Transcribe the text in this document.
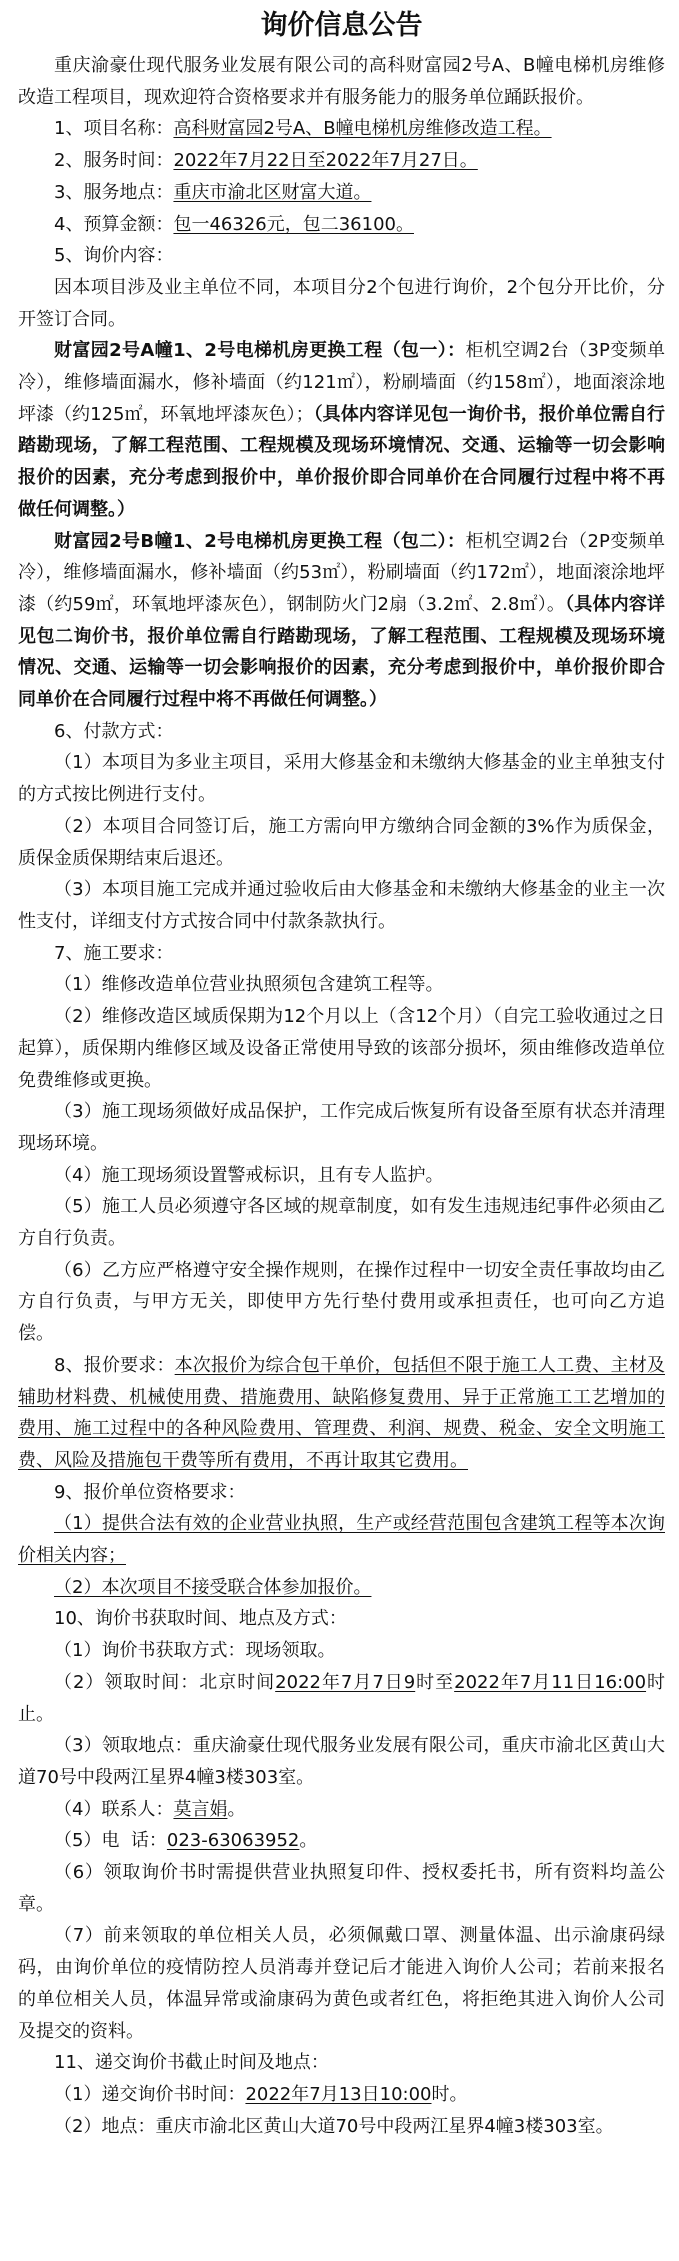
询价信息公告

重庆渝豪仕现代服务业发展有限公司的高科财富园2号A、B幢电梯机房维修改造工程项目，现欢迎符合资格要求并有服务能力的服务单位踊跃报价。

1、项目名称：高科财富园2号A、B幢电梯机房维修改造工程。

2、服务时间：2022年7月22日至2022年7月27日。

3、服务地点：重庆市渝北区财富大道。

4、预算金额：包一46326元，包二36100。

5、询价内容：

因本项目涉及业主单位不同，本项目分2个包进行询价，2个包分开比价，分开签订合同。

财富园2号A幢1、2号电梯机房更换工程（包一）：柜机空调2台（3P变频单冷），维修墙面漏水，修补墙面（约121㎡），粉刷墙面（约158㎡），地面滚涂地坪漆（约125㎡，环氧地坪漆灰色）；（具体内容详见包一询价书，报价单位需自行踏勘现场，了解工程范围、工程规模及现场环境情况、交通、运输等一切会影响报价的因素，充分考虑到报价中，单价报价即合同单价在合同履行过程中将不再做任何调整。）

财富园2号B幢1、2号电梯机房更换工程（包二）：柜机空调2台（2P变频单冷），维修墙面漏水，修补墙面（约53㎡），粉刷墙面（约172㎡），地面滚涂地坪漆（约59㎡，环氧地坪漆灰色），钢制防火门2扇（3.2㎡、2.8㎡）。（具体内容详见包二询价书，报价单位需自行踏勘现场，了解工程范围、工程规模及现场环境情况、交通、运输等一切会影响报价的因素，充分考虑到报价中，单价报价即合同单价在合同履行过程中将不再做任何调整。）

6、付款方式：

（1）本项目为多业主项目，采用大修基金和未缴纳大修基金的业主单独支付的方式按比例进行支付。

（2）本项目合同签订后，施工方需向甲方缴纳合同金额的3%作为质保金，质保金质保期结束后退还。

（3）本项目施工完成并通过验收后由大修基金和未缴纳大修基金的业主一次性支付，详细支付方式按合同中付款条款执行。

7、施工要求：

（1）维修改造单位营业执照须包含建筑工程等。

（2）维修改造区域质保期为12个月以上（含12个月）（自完工验收通过之日起算），质保期内维修区域及设备正常使用导致的该部分损坏，须由维修改造单位免费维修或更换。

（3）施工现场须做好成品保护，工作完成后恢复所有设备至原有状态并清理现场环境。

（4）施工现场须设置警戒标识，且有专人监护。

（5）施工人员必须遵守各区域的规章制度，如有发生违规违纪事件必须由乙方自行负责。

（6）乙方应严格遵守安全操作规则，在操作过程中一切安全责任事故均由乙方自行负责，与甲方无关，即使甲方先行垫付费用或承担责任，也可向乙方追偿。

8、报价要求：本次报价为综合包干单价，包括但不限于施工人工费、主材及辅助材料费、机械使用费、措施费用、缺陷修复费用、异于正常施工工艺增加的费用、施工过程中的各种风险费用、管理费、利润、规费、税金、安全文明施工费、风险及措施包干费等所有费用，不再计取其它费用。

9、报价单位资格要求：

（1）提供合法有效的企业营业执照，生产或经营范围包含建筑工程等本次询价相关内容；

（2）本次项目不接受联合体参加报价。

10、询价书获取时间、地点及方式：

（1）询价书获取方式：现场领取。

（2）领取时间：北京时间2022年7月7日9时至2022年7月11日16:00时止。

（3）领取地点：重庆渝豪仕现代服务业发展有限公司，重庆市渝北区黄山大道70号中段两江星界4幢3楼303室。

（4）联系人：莫言娟。

（5）电  话：023-63063952。

（6）领取询价书时需提供营业执照复印件、授权委托书，所有资料均盖公章。

（7）前来领取的单位相关人员，必须佩戴口罩、测量体温、出示渝康码绿码，由询价单位的疫情防控人员消毒并登记后才能进入询价人公司；若前来报名的单位相关人员，体温异常或渝康码为黄色或者红色，将拒绝其进入询价人公司及提交的资料。

11、递交询价书截止时间及地点：

（1）递交询价书时间：2022年7月13日10:00时。

（2）地点：重庆市渝北区黄山大道70号中段两江星界4幢3楼303室。
